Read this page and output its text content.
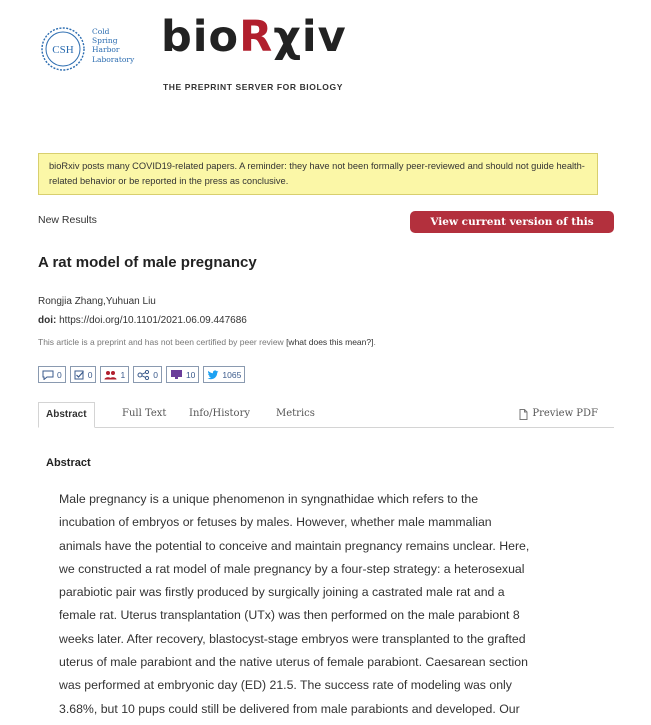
CSH
Cold
Spring
Harbor
Laboratory bioRχiv
THE PREPRINT SERVER FOR BIOLOGY
bioRxiv posts many COVID19-related papers. A reminder: they have not been formally peer-reviewed and should not guide health-related behavior or be reported in the press as conclusive.
New Results	View current version of this article
A rat model of male pregnancy
Rongjia Zhang,Yuhuan Liu
doi: https://doi.org/10.1101/2021.06.09.447686
This article is a preprint and has not been certified by peer review [what does this mean?].
0	0	1	0	10	1065
Abstract	Full Text Info/History	Metrics	Preview PDF
Abstract
Male pregnancy is a unique phenomenon in syngnathidae which refers to the
incubation of embryos or fetuses by males. However, whether male mammalian
animals have the potential to conceive and maintain pregnancy remains unclear. Here,
we constructed a rat model of male pregnancy by a four-step strategy: a heterosexual
parabiotic pair was firstly produced by surgically joining a castrated male rat and a
female rat. Uterus transplantation (UTx) was then performed on the male parabiont 8
weeks later. After recovery, blastocyst-stage embryos were transplanted to the grafted
uterus of male parabiont and the native uterus of female parabiont. Caesarean section
was performed at embryonic day (ED) 21.5. The success rate of modeling was only
3.68%, but 10 pups could still be delivered from male parabionts and developed. Our
